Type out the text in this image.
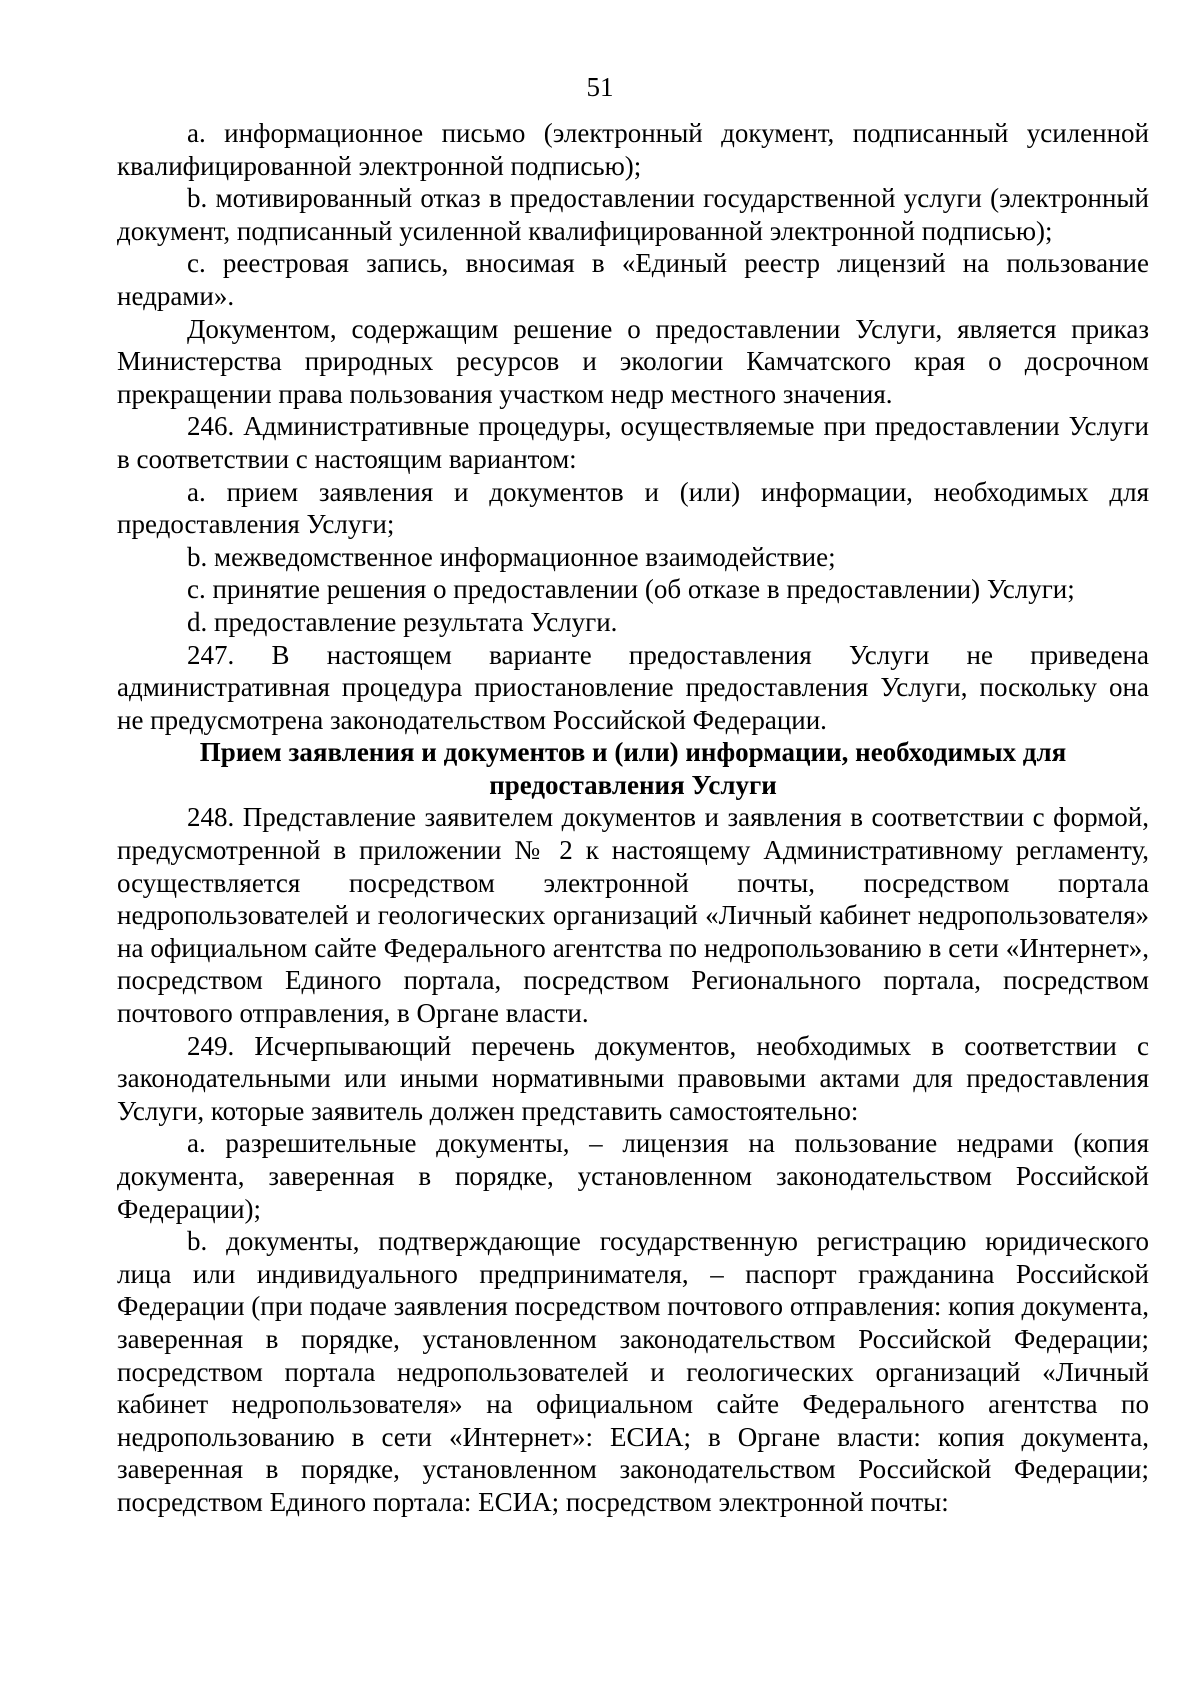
51

a. информационное письмо (электронный документ, подписанный усиленной квалифицированной электронной подписью);

b. мотивированный отказ в предоставлении государственной услуги (электронный документ, подписанный усиленной квалифицированной электронной подписью);

c. реестровая запись, вносимая в «Единый реестр лицензий на пользование недрами».

Документом, содержащим решение о предоставлении Услуги, является приказ Министерства природных ресурсов и экологии Камчатского края о досрочном прекращении права пользования участком недр местного значения.

246. Административные процедуры, осуществляемые при предоставлении Услуги в соответствии с настоящим вариантом:

a. прием заявления и документов и (или) информации, необходимых для предоставления Услуги;

b. межведомственное информационное взаимодействие;

c. принятие решения о предоставлении (об отказе в предоставлении) Услуги;

d. предоставление результата Услуги.

247. В настоящем варианте предоставления Услуги не приведена административная процедура приостановление предоставления Услуги, поскольку она не предусмотрена законодательством Российской Федерации.

Прием заявления и документов и (или) информации, необходимых для предоставления Услуги

248. Представление заявителем документов и заявления в соответствии с формой, предусмотренной в приложении № 2 к настоящему Административному регламенту, осуществляется посредством электронной почты, посредством портала недропользователей и геологических организаций «Личный кабинет недропользователя» на официальном сайте Федерального агентства по недропользованию в сети «Интернет», посредством Единого портала, посредством Регионального портала, посредством почтового отправления, в Органе власти.

249. Исчерпывающий перечень документов, необходимых в соответствии с законодательными или иными нормативными правовыми актами для предоставления Услуги, которые заявитель должен представить самостоятельно:

a. разрешительные документы, – лицензия на пользование недрами (копия документа, заверенная в порядке, установленном законодательством Российской Федерации);

b. документы, подтверждающие государственную регистрацию юридического лица или индивидуального предпринимателя, – паспорт гражданина Российской Федерации (при подаче заявления посредством почтового отправления: копия документа, заверенная в порядке, установленном законодательством Российской Федерации; посредством портала недропользователей и геологических организаций «Личный кабинет недропользователя» на официальном сайте Федерального агентства по недропользованию в сети «Интернет»: ЕСИА; в Органе власти: копия документа, заверенная в порядке, установленном законодательством Российской Федерации; посредством Единого портала: ЕСИА; посредством электронной почты:
